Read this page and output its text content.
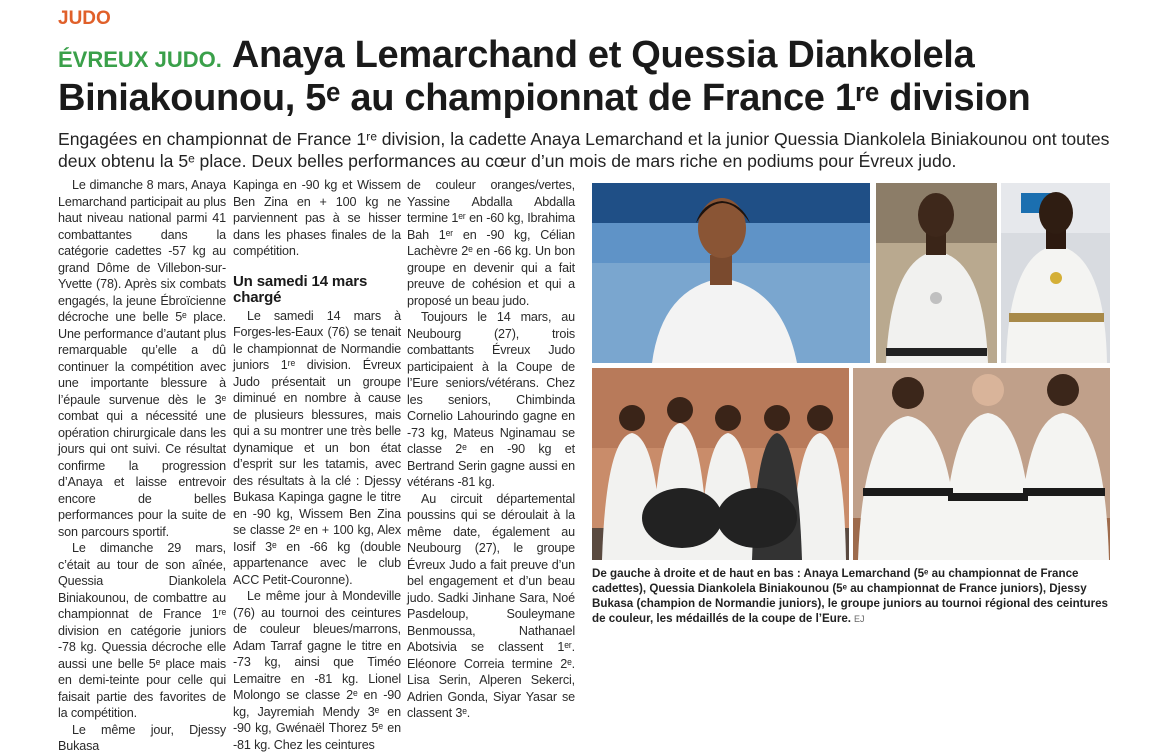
JUDO
ÉVREUX JUDO. Anaya Lemarchand et Quessia Diankolela Biniakounou, 5ᵉ au championnat de France 1ʳᵉ division
Engagées en championnat de France 1ʳᵉ division, la cadette Anaya Lemarchand et la junior Quessia Diankolela Biniakounou ont toutes deux obtenu la 5ᵉ place. Deux belles performances au cœur d’un mois de mars riche en podiums pour Évreux judo.

Le dimanche 8 mars, Anaya Lemarchand participait au plus haut niveau national parmi 41 combattantes dans la catégorie cadettes -57 kg au grand Dôme de Villebon-sur-Yvette (78). Après six combats engagés, la jeune Ébroïcienne décroche une belle 5ᵉ place. Une performance d’autant plus remarquable qu’elle a dû continuer la compétition avec une importante blessure à l’épaule survenue dès le 3ᵉ combat qui a nécessité une opération chirurgicale dans les jours qui ont suivi. Ce résultat confirme la progression d’Anaya et laisse entrevoir encore de belles performances pour la suite de son parcours sportif.

Le dimanche 29 mars, c’était au tour de son aînée, Quessia Diankolela Biniakounou, de combattre au championnat de France 1ʳᵉ division en catégorie juniors -78 kg. Quessia décroche elle aussi une belle 5ᵉ place mais en demi-teinte pour celle qui faisait partie des favorites de la compétition.

Le même jour, Djessy Bukasa

Kapinga en -90 kg et Wissem Ben Zina en + 100 kg ne parviennent pas à se hisser dans les phases finales de la compétition.

Un samedi 14 mars chargé

Le samedi 14 mars à Forges-les-Eaux (76) se tenait le championnat de Normandie juniors 1ʳᵉ division. Évreux Judo présentait un groupe diminué en nombre à cause de plusieurs blessures, mais qui a su montrer une très belle dynamique et un bon état d’esprit sur les tatamis, avec des résultats à la clé : Djessy Bukasa Kapinga gagne le titre en -90 kg, Wissem Ben Zina se classe 2ᵉ en + 100 kg, Alex Iosif 3ᵉ en -66 kg (double appartenance avec le club ACC Petit-Couronne).

Le même jour à Mondeville (76) au tournoi des ceintures de couleur bleues/marrons, Adam Tarraf gagne le titre en -73 kg, ainsi que Timéo Lemaitre en -81 kg. Lionel Molongo se classe 2ᵉ en -90 kg, Jayremiah Mendy 3ᵉ en -90 kg, Gwénaël Thorez 5ᵉ en -81 kg. Chez les ceintures

de couleur oranges/vertes, Yassine Abdalla Abdalla termine 1ᵉʳ en -60 kg, Ibrahima Bah 1ᵉʳ en -90 kg, Célian Lachèvre 2ᵉ en -66 kg. Un bon groupe en devenir qui a fait preuve de cohésion et qui a proposé un beau judo.

Toujours le 14 mars, au Neubourg (27), trois combattants Évreux Judo participaient à la Coupe de l’Eure seniors/vétérans. Chez les seniors, Chimbinda Cornelio Lahourindo gagne en -73 kg, Mateus Nginamau se classe 2ᵉ en -90 kg et Bertrand Serin gagne aussi en vétérans -81 kg.

Au circuit départemental poussins qui se déroulait à la même date, également au Neubourg (27), le groupe Évreux Judo a fait preuve d’un bel engagement et d’un beau judo. Sadki Jinhane Sara, Noé Pasdeloup, Souleymane Benmoussa, Nathanael Abotsivia se classent 1ᵉʳ. Eléonore Correia termine 2ᵉ. Lisa Serin, Alperen Sekerci, Adrien Gonda, Siyar Yasar se classent 3ᵉ.

De gauche à droite et de haut en bas : Anaya Lemarchand (5ᵉ au championnat de France cadettes), Quessia Diankolela Biniakounou (5ᵉ au championnat de France juniors), Djessy Bukasa (champion de Normandie juniors), le groupe juniors au tournoi régional des ceintures de couleur, les médaillés de la coupe de l’Eure. EJ
